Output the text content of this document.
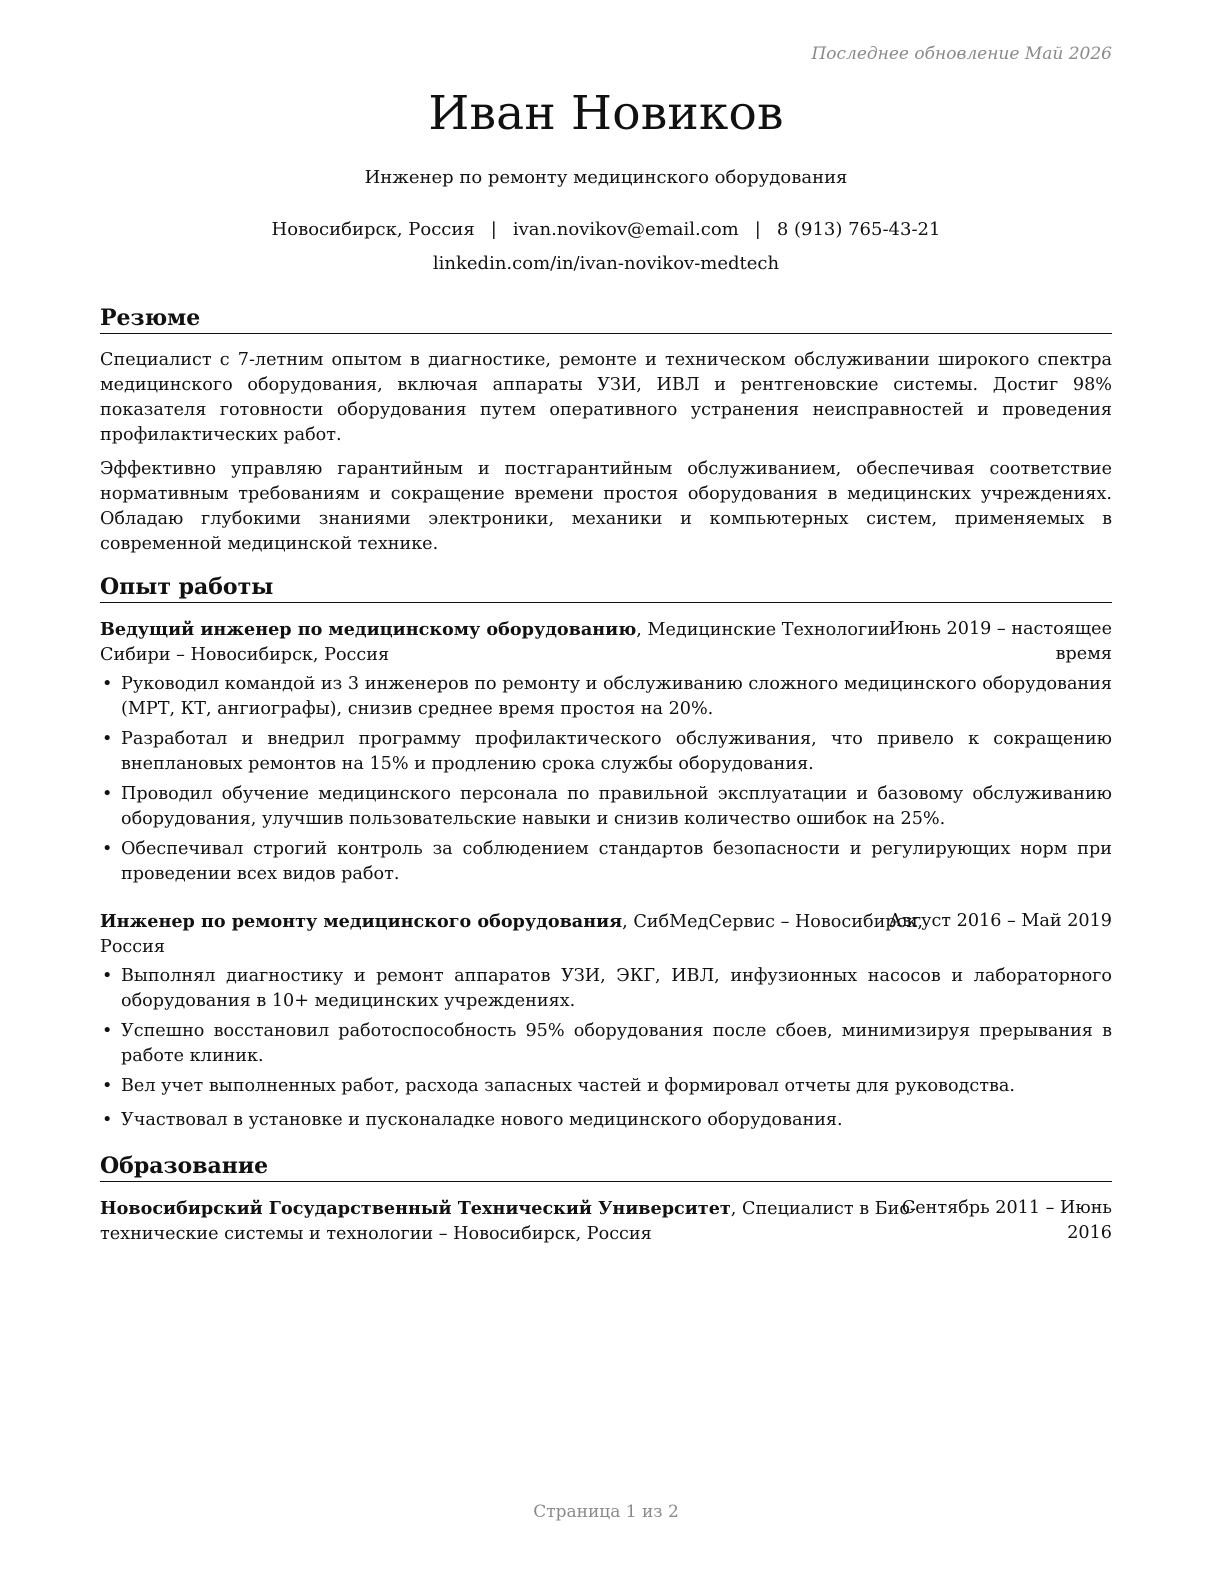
Последнее обновление Май 2026
Иван Новиков
Инженер по ремонту медицинского оборудования
Новосибирск, Россия | ivan.novikov@email.com | 8 (913) 765-43-21
linkedin.com/in/ivan-novikov-medtech
Резюме

Специалист с 7-летним опытом в диагностике, ремонте и техническом обслуживании широкого спектра медицинского оборудования, включая аппараты УЗИ, ИВЛ и рентгеновские системы. Достиг 98% показателя готовности оборудования путем оперативного устранения неисправностей и проведения профилактических работ.

Эффективно управляю гарантийным и постгарантийным обслуживанием, обеспечивая соответствие нормативным требованиям и сокращение времени простоя оборудования в медицинских учреждениях. Обладаю глубокими знаниями электроники, механики и компьютерных систем, применяемых в современной медицинской технике.

Опыт работы
Ведущий инженер по медицинскому оборудованию, Медицинские Технологии
Сибири – Новосибирск, Россия
Июнь 2019 – настоящее
время
• Руководил командой из 3 инженеров по ремонту и обслуживанию сложного медицинского оборудования (МРТ, КТ, ангиографы), снизив среднее время простоя на 20%.
• Разработал и внедрил программу профилактического обслуживания, что привело к сокращению внеплановых ремонтов на 15% и продлению срока службы оборудования.
• Проводил обучение медицинского персонала по правильной эксплуатации и базовому обслуживанию оборудования, улучшив пользовательские навыки и снизив количество ошибок на 25%.
• Обеспечивал строгий контроль за соблюдением стандартов безопасности и регулирующих норм при проведении всех видов работ.
Инженер по ремонту медицинского оборудования, СибМедСервис – Новосибирск,
Россия
Август 2016 – Май 2019
• Выполнял диагностику и ремонт аппаратов УЗИ, ЭКГ, ИВЛ, инфузионных насосов и лабораторного оборудования в 10+ медицинских учреждениях.
• Успешно восстановил работоспособность 95% оборудования после сбоев, минимизируя прерывания в работе клиник.
• Вел учет выполненных работ, расхода запасных частей и формировал отчеты для руководства.
• Участвовал в установке и пусконаладке нового медицинского оборудования.
Образование
Новосибирский Государственный Технический Университет, Специалист в Био-
технические системы и технологии – Новосибирск, Россия
Сентябрь 2011 – Июнь
2016
Страница 1 из 2
